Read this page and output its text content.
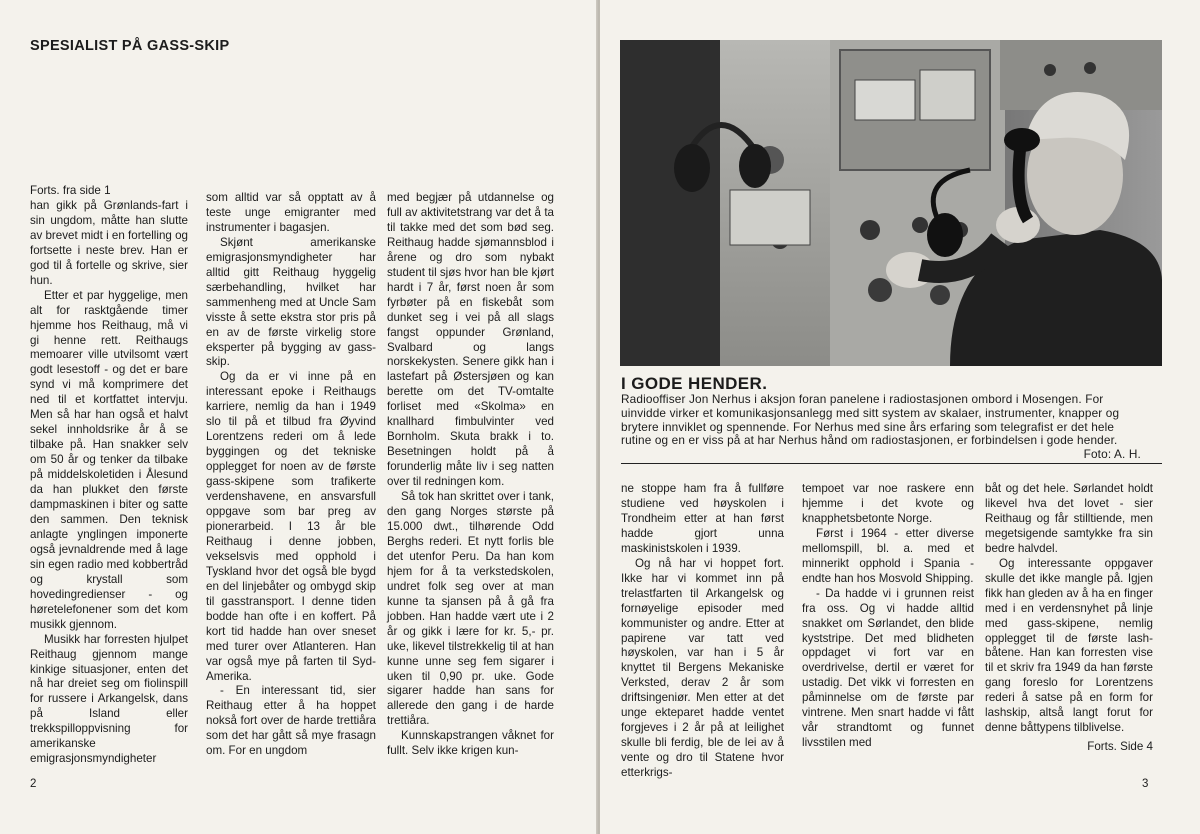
SPESIALIST PÅ GASS-SKIP

Forts. fra side 1

han gikk på Grønlands-fart i sin ungdom, måtte han slutte av brevet midt i en fortelling og fortsette i neste brev. Han er god til å fortelle og skrive, sier hun.

Etter et par hyggelige, men alt for rasktgående timer hjemme hos Reithaug, må vi gi henne rett. Reithaugs memoarer ville utvilsomt vært godt lesestoff - og det er bare synd vi må komprimere det ned til et kortfattet intervju. Men så har han også et halvt sekel innholdsrike år å se tilbake på. Han snakker selv om 50 år og tenker da tilbake på middelskoletiden i Ålesund da han plukket den første dampmaskinen i biter og satte den sammen. Den teknisk anlagte ynglingen imponerte også jevnaldrende med å lage sin egen radio med kobbertråd og krystall som hovedingredienser - og høretelefonener som det kom musikk gjennom.

Musikk har forresten hjulpet Reithaug gjennom mange kinkige situasjoner, enten det nå har dreiet seg om fiolinspill for russere i Arkangelsk, dans på Island eller trekkspilloppvisning for amerikanske emigrasjonsmyndigheter

som alltid var så opptatt av å teste unge emigranter med instrumenter i bagasjen.

Skjønt amerikanske emigrasjonsmyndigheter har alltid gitt Reithaug hyggelig særbehandling, hvilket har sammenheng med at Uncle Sam visste å sette ekstra stor pris på en av de første virkelig store eksperter på bygging av gass-skip.

Og da er vi inne på en interessant epoke i Reithaugs karriere, nemlig da han i 1949 slo til på et tilbud fra Øyvind Lorentzens rederi om å lede byggingen og det tekniske opplegget for noen av de første gass-skipene som trafikerte verdenshavene, en ansvarsfull oppgave som bar preg av pionerarbeid. I 13 år ble Reithaug i denne jobben, vekselsvis med opphold i Tyskland hvor det også ble bygd en del linjebåter og ombygd skip til gasstransport. I denne tiden bodde han ofte i en koffert. På kort tid hadde han over sneset med turer over Atlanteren. Han var også mye på farten til Syd-Amerika.

- En interessant tid, sier Reithaug etter å ha hoppet nokså fort over de harde trettiåra som det har gått så mye frasagn om. For en ungdom

med begjær på utdannelse og full av aktivitetstrang var det å ta til takke med det som bød seg. Reithaug hadde sjømannsblod i årene og dro som nybakt student til sjøs hvor han ble kjørt hardt i 7 år, først noen år som fyrbøter på en fiskebåt som dunket seg i vei på all slags fangst oppunder Grønland, Svalbard og langs norskekysten. Senere gikk han i lastefart på Østersjøen og kan berette om det TV-omtalte forliset med «Skolma» en knallhard fimbulvinter ved Bornholm. Skuta brakk i to. Besetningen holdt på å forunderlig måte liv i seg natten over til redningen kom.

Så tok han skrittet over i tank, den gang Norges største på 15.000 dwt., tilhørende Odd Berghs rederi. Et nytt forlis ble det utenfor Peru. Da han kom hjem for å ta verkstedskolen, undret folk seg over at man kunne ta sjansen på å gå fra jobben. Han hadde vært ute i 2 år og gikk i lære for kr. 5,- pr. uke, likevel tilstrekkelig til at han kunne unne seg fem sigarer i uken til 0,90 pr. uke. Gode sigarer hadde han sans for allerede den gang i de harde trettiåra.

Kunnskapstrangen våknet for fullt. Selv ikke krigen kun-

2
I GODE HENDER.
Radiooffiser Jon Nerhus i aksjon foran panelene i radiostasjonen ombord i Mosengen. For uinvidde virker et komunikasjonsanlegg med sitt system av skalaer, instrumenter, knapper og brytere innviklet og spennende. For Nerhus med sine års erfaring som telegrafist er det hele rutine og en er viss på at har Nerhus hånd om radiostasjonen, er forbindelsen i gode hender.
Foto: A. H.

ne stoppe ham fra å fullføre studiene ved høyskolen i Trondheim etter at han først hadde gjort unna maskinistskolen i 1939.

Og nå har vi hoppet fort. Ikke har vi kommet inn på trelastfarten til Arkangelsk og fornøyelige episoder med kommunister og andre. Etter at papirene var tatt ved høyskolen, var han i 5 år knyttet til Bergens Mekaniske Verksted, derav 2 år som driftsingeniør. Men etter at det unge ekteparet hadde ventet forgjeves i 2 år på at leilighet skulle bli ferdig, ble de lei av å vente og dro til Statene hvor etterkrigs-

tempoet var noe raskere enn hjemme i det kvote og knapphetsbetonte Norge.

Først i 1964 - etter diverse mellomspill, bl. a. med et minnerikt opphold i Spania - endte han hos Mosvold Shipping.

- Da hadde vi i grunnen reist fra oss. Og vi hadde alltid snakket om Sørlandet, den blide kyststripe. Det med blidheten oppdaget vi fort var en overdrivelse, dertil er været for ustadig. Det vikk vi forresten en påminnelse om de første par vintrene. Men snart hadde vi fått vår strandtomt og funnet livsstilen med

båt og det hele. Sørlandet holdt likevel hva det lovet - sier Reithaug og får stilltiende, men megetsigende samtykke fra sin bedre halvdel.

Og interessante oppgaver skulle det ikke mangle på. Igjen fikk han gleden av å ha en finger med i en verdensnyhet på linje med gass-skipene, nemlig opplegget til de første lash-båtene. Han kan forresten vise til et skriv fra 1949 da han første gang foreslo for Lorentzens rederi å satse på en form for lashskip, altså langt forut for denne båttypens tilblivelse.

Forts. Side 4
3
